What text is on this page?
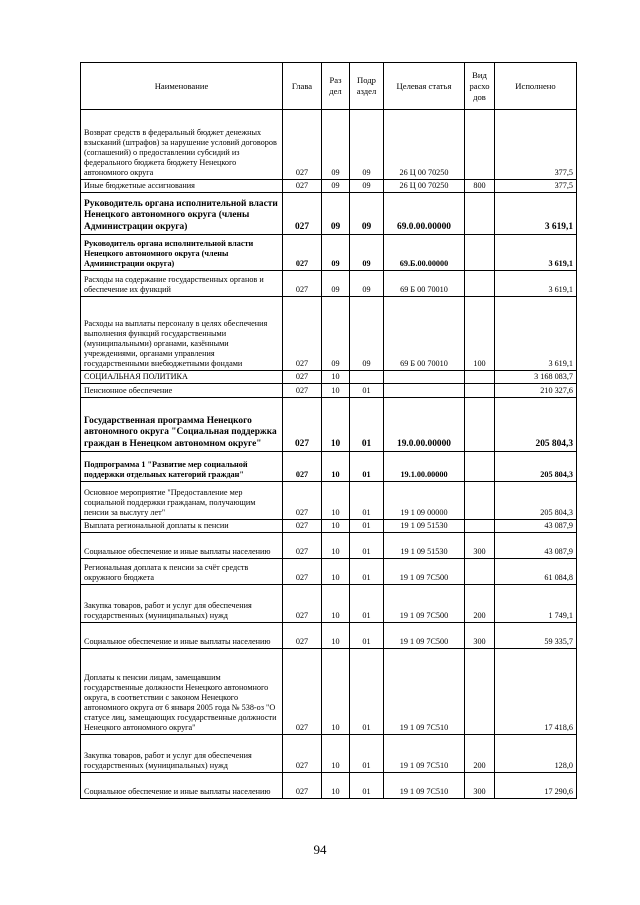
Наименование	Глава	Раз дел	Подр аздел	Целевая статья	Вид расхо дов	Исполнено
Возврат средств в федеральный бюджет денежных взысканий (штрафов) за нарушение условий договоров (соглашений) о предоставлении субсидий из федерального бюджета бюджету Ненецкого автономного округа	027	09	09	26 Ц 00 70250		377,5
Иные бюджетные ассигнования	027	09	09	26 Ц 00 70250	800	377,5
Руководитель органа исполнительной власти Ненецкого автономного округа (члены Администрации округа)	027	09	09	69.0.00.00000		3 619,1
Руководитель органа исполнительной власти Ненецкого автономного округа (члены Администрации округа)	027	09	09	69.Б.00.00000		3 619,1
Расходы на содержание государственных органов и обеспечение их функций	027	09	09	69 Б 00 70010		3 619,1
Расходы на выплаты персоналу в целях обеспечения выполнения функций государственными (муниципальными) органами, казёнными учреждениями, органами управления государственными внебюджетными фондами	027	09	09	69 Б 00 70010	100	3 619,1
СОЦИАЛЬНАЯ ПОЛИТИКА	027	10				3 168 083,7
Пенсионное обеспечение	027	10	01			210 327,6
Государственная программа Ненецкого автономного округа "Социальная поддержка граждан в Ненецком автономном округе"	027	10	01	19.0.00.00000		205 804,3
Подпрограмма 1 "Развитие мер социальной поддержки отдельных категорий граждан"	027	10	01	19.1.00.00000		205 804,3
Основное мероприятие "Предоставление мер социальной поддержки гражданам, получающим пенсии за выслугу лет"	027	10	01	19 1 09 00000		205 804,3
Выплата региональной доплаты к пенсии	027	10	01	19 1 09 51530		43 087,9
Социальное обеспечение и иные выплаты населению	027	10	01	19 1 09 51530	300	43 087,9
Региональная доплата к пенсии за счёт средств окружного бюджета	027	10	01	19 1 09 7С500		61 084,8
Закупка товаров, работ и услуг для обеспечения государственных (муниципальных) нужд	027	10	01	19 1 09 7С500	200	1 749,1
Социальное обеспечение и иные выплаты населению	027	10	01	19 1 09 7С500	300	59 335,7
Доплаты к пенсии лицам, замещавшим государственные должности Ненецкого автономного округа, в соответствии с законом Ненецкого автономного округа от 6 января 2005 года № 538-оз "О статусе лиц, замещающих государственные должности Ненецкого автономного округа"	027	10	01	19 1 09 7С510		17 418,6
Закупка товаров, работ и услуг для обеспечения государственных (муниципальных) нужд	027	10	01	19 1 09 7С510	200	128,0
Социальное обеспечение и иные выплаты населению	027	10	01	19 1 09 7С510	300	17 290,6
94
